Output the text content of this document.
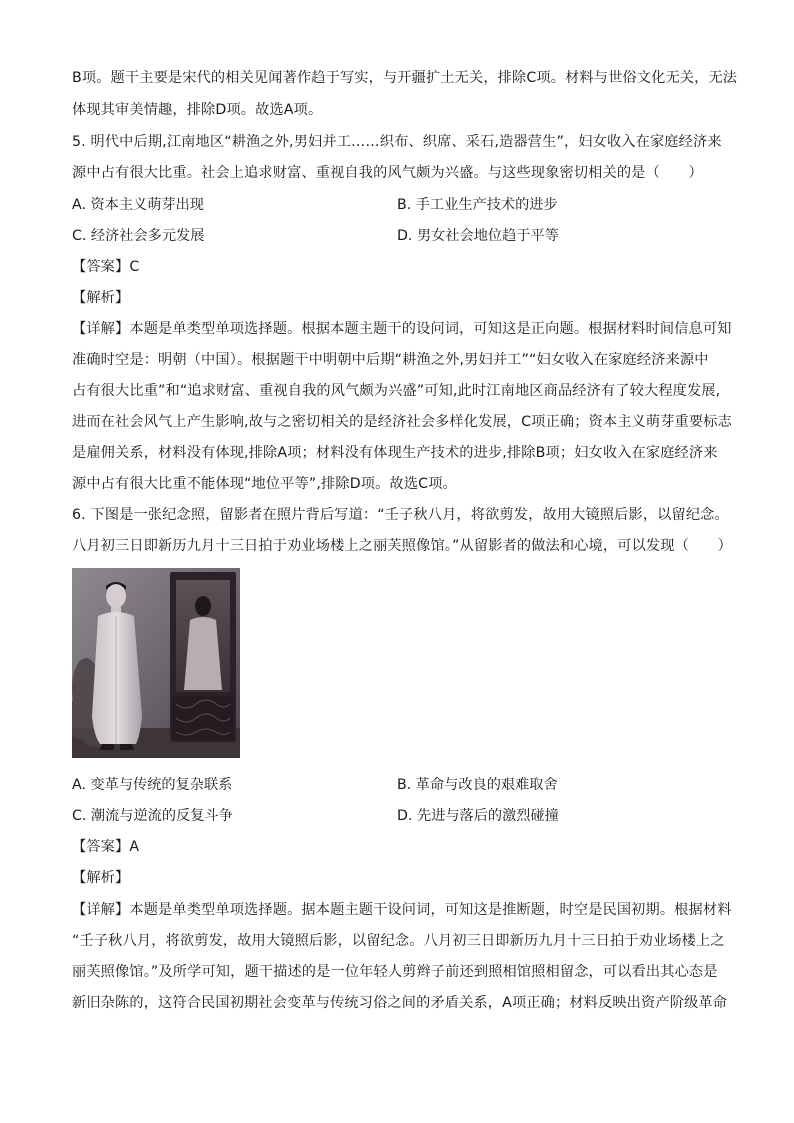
B项。题干主要是宋代的相关见闻著作趋于写实，与开疆扩土无关，排除C项。材料与世俗文化无关，无法
体现其审美情趣，排除D项。故选A项。
5. 明代中后期,江南地区“耕渔之外,男妇并工……织布、织席、采石,造器营生”，妇女收入在家庭经济来
源中占有很大比重。社会上追求财富、重视自我的风气颇为兴盛。与这些现象密切相关的是（　　）
A. 资本主义萌芽出现	B. 手工业生产技术的进步
C. 经济社会多元发展	D. 男女社会地位趋于平等
【答案】C
【解析】
【详解】本题是单类型单项选择题。根据本题主题干的设问词，可知这是正向题。根据材料时间信息可知
准确时空是：明朝（中国）。根据题干中明朝中后期“耕渔之外,男妇并工”“妇女收入在家庭经济来源中
占有很大比重”和“追求财富、重视自我的风气颇为兴盛”可知,此时江南地区商品经济有了较大程度发展,
进而在社会风气上产生影响,故与之密切相关的是经济社会多样化发展，C项正确；资本主义萌芽重要标志
是雇佣关系，材料没有体现,排除A项；材料没有体现生产技术的进步,排除B项；妇女收入在家庭经济来
源中占有很大比重不能体现“地位平等”,排除D项。故选C项。
6. 下图是一张纪念照，留影者在照片背后写道：“壬子秋八月，将欲剪发，故用大镜照后影，以留纪念。
八月初三日即新历九月十三日拍于劝业场楼上之丽芙照像馆。”从留影者的做法和心境，可以发现（　　）
A. 变革与传统的复杂联系	B. 革命与改良的艰难取舍
C. 潮流与逆流的反复斗争	D. 先进与落后的激烈碰撞
【答案】A
【解析】
【详解】本题是单类型单项选择题。据本题主题干设问词，可知这是推断题，时空是民国初期。根据材料
“壬子秋八月，将欲剪发，故用大镜照后影，以留纪念。八月初三日即新历九月十三日拍于劝业场楼上之
丽芙照像馆。”及所学可知，题干描述的是一位年轻人剪辫子前还到照相馆照相留念，可以看出其心态是
新旧杂陈的，这符合民国初期社会变革与传统习俗之间的矛盾关系，A项正确；材料反映出资产阶级革命
